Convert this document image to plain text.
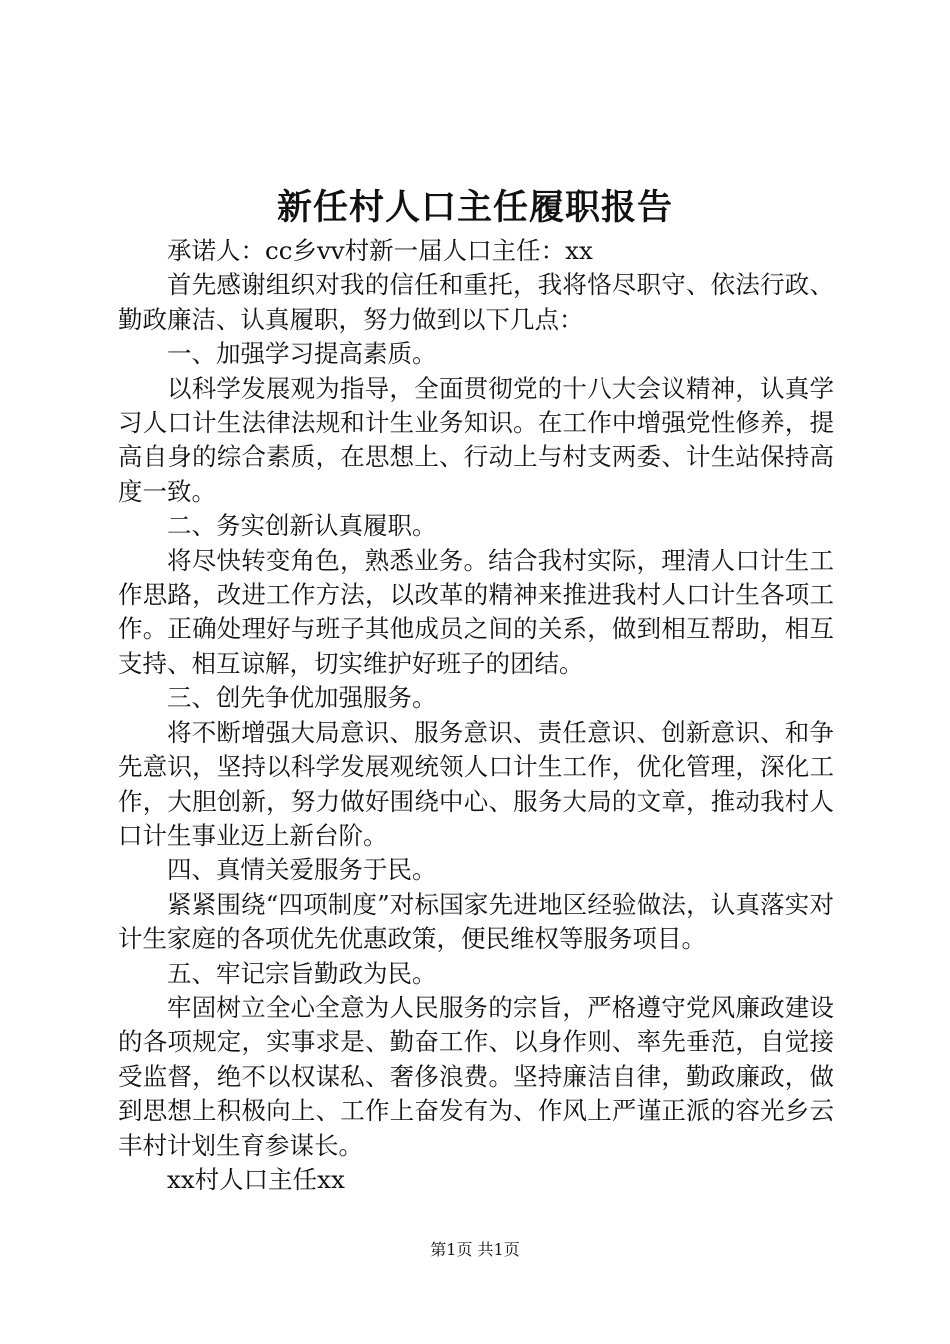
新任村人口主任履职报告

承诺人：cc乡vv村新一届人口主任：xx

首先感谢组织对我的信任和重托，我将恪尽职守、依法行政、勤政廉洁、认真履职，努力做到以下几点：

一、加强学习提高素质。

以科学发展观为指导，全面贯彻党的十八大会议精神，认真学习人口计生法律法规和计生业务知识。在工作中增强党性修养，提高自身的综合素质，在思想上、行动上与村支两委、计生站保持高度一致。

二、务实创新认真履职。

将尽快转变角色，熟悉业务。结合我村实际，理清人口计生工作思路，改进工作方法，以改革的精神来推进我村人口计生各项工作。正确处理好与班子其他成员之间的关系，做到相互帮助，相互支持、相互谅解，切实维护好班子的团结。

三、创先争优加强服务。

将不断增强大局意识、服务意识、责任意识、创新意识、和争先意识，坚持以科学发展观统领人口计生工作，优化管理，深化工作，大胆创新，努力做好围绕中心、服务大局的文章，推动我村人口计生事业迈上新台阶。

四、真情关爱服务于民。

紧紧围绕“四项制度”对标国家先进地区经验做法，认真落实对计生家庭的各项优先优惠政策，便民维权等服务项目。

五、牢记宗旨勤政为民。

牢固树立全心全意为人民服务的宗旨，严格遵守党风廉政建设的各项规定，实事求是、勤奋工作、以身作则、率先垂范，自觉接受监督，绝不以权谋私、奢侈浪费。坚持廉洁自律，勤政廉政，做到思想上积极向上、工作上奋发有为、作风上严谨正派的容光乡云丰村计划生育参谋长。

xx村人口主任xx

第1页 共1页
